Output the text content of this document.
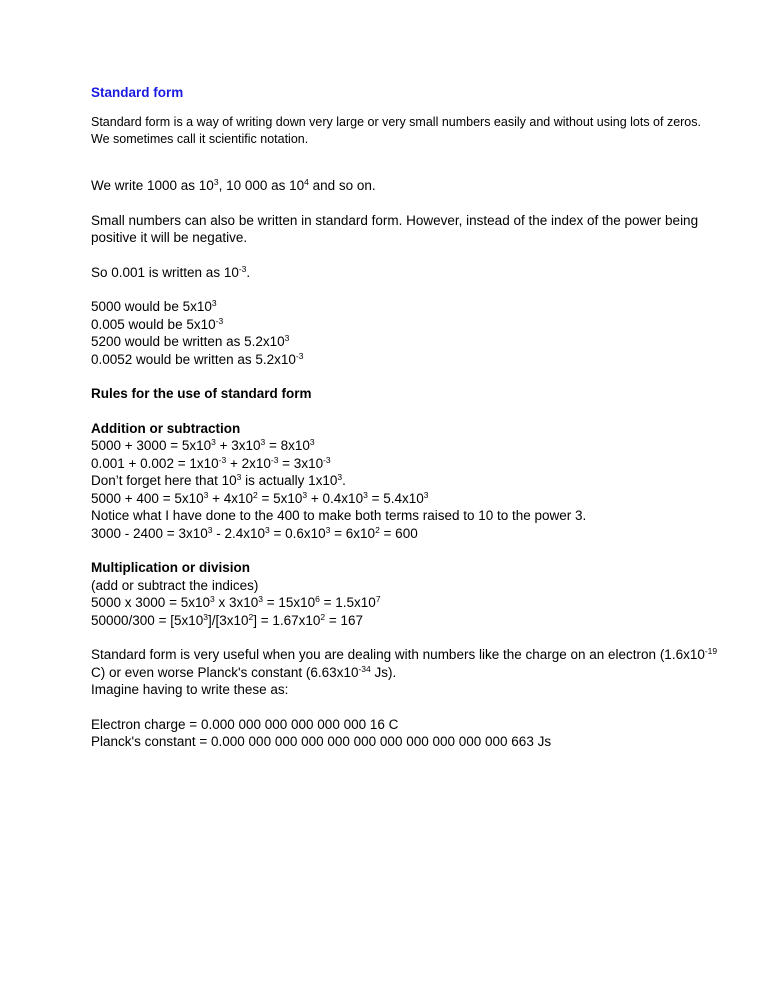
Standard form

Standard form is a way of writing down very large or very small numbers easily and without using lots of zeros. We sometimes call it scientific notation.

We write 1000 as $10^3$, 10 000 as $10^4$ and so on.
Small numbers can also be written in standard form. However, instead of the index of the power being positive it will be negative.
So 0.001 is written as $10^{-3}$.
5000 would be $5x10^3$
0.005 would be $5x10^{-3}$
5200 would be written as $5.2x10^3$
0.0052 would be written as $5.2x10^{-3}$
Rules for the use of standard form
Addition or subtraction
$5000 + 3000 = 5x10^3 + 3x10^3 = 8x10^3$
$0.001 + 0.002 = 1x10^{-3} + 2x10^{-3} = 3x10^{-3}$
Don’t forget here that $10^3$ is actually $1x10^3$.
$5000 + 400 = 5x10^3 + 4x10^2 = 5x10^3 + 0.4x10^3 = 5.4x10^3$
Notice what I have done to the 400 to make both terms raised to 10 to the power 3.
$3000 - 2400 = 3x10^3 - 2.4x10^3 = 0.6x10^3 = 6x10^2 = 600$
Multiplication or division
(add or subtract the indices)
5000 x $3000 = 5x10^3$ x $3x10^3 = 15x10^6 = 1.5x10^7$
$50000/300 = [5x10^3]/[3x10^2] = 1.67x10^2 = 167$
Standard form is very useful when you are dealing with numbers like the charge on an electron ($1.6x10^{-19}$ C) or even worse Planck's constant ($6.63x10^{-34}$ Js).
Imagine having to write these as:
Electron charge = 0.000 000 000 000 000 000 16 C
Planck's constant = 0.000 000 000 000 000 000 000 000 000 000 000 663 Js
